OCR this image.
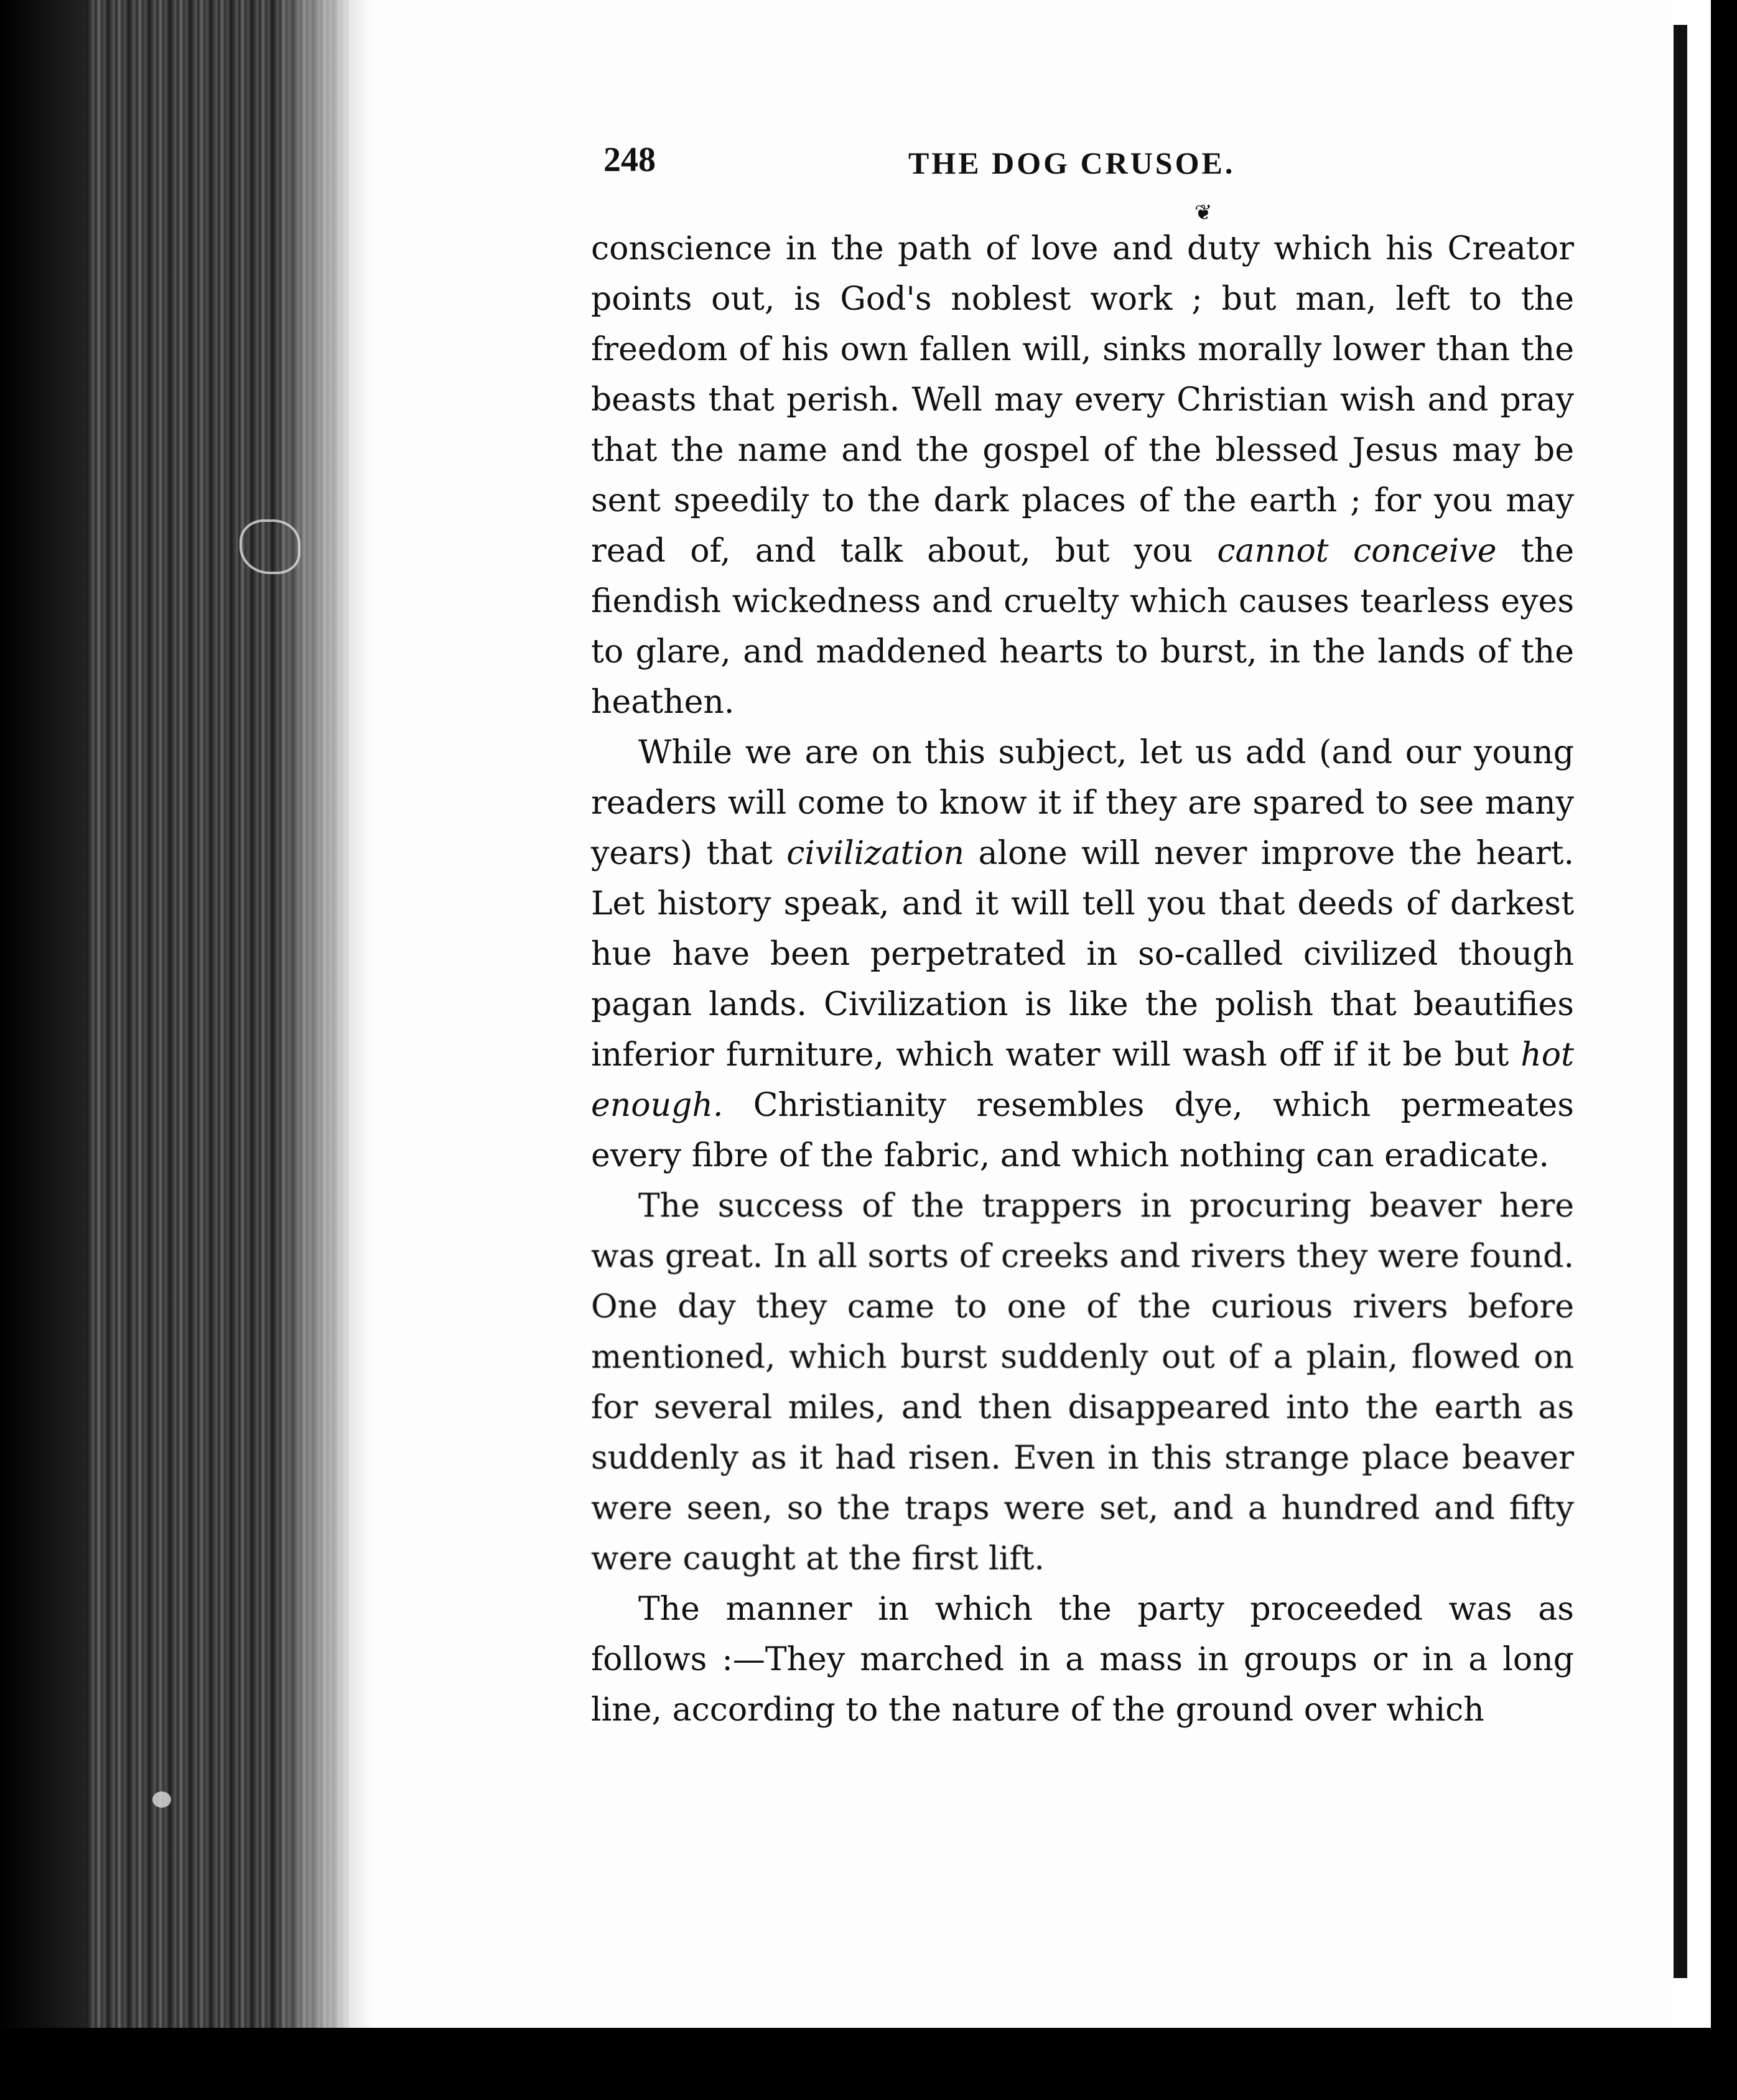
248	THE DOG CRUSOE.
❦

conscience in the path of love and duty which his Creator points out, is God's noblest work ; but man, left to the freedom of his own fallen will, sinks morally lower than the beasts that perish. Well may every Christian wish and pray that the name and the gospel of the blessed Jesus may be sent speedily to the dark places of the earth ; for you may read of, and talk about, but you cannot conceive the fiendish wickedness and cruelty which causes tearless eyes to glare, and maddened hearts to burst, in the lands of the heathen.

While we are on this subject, let us add (and our young readers will come to know it if they are spared to see many years) that civilization alone will never improve the heart. Let history speak, and it will tell you that deeds of darkest hue have been perpetrated in so-called civilized though pagan lands. Civilization is like the polish that beautifies inferior furniture, which water will wash off if it be but hot enough. Christianity resembles dye, which permeates every fibre of the fabric, and which nothing can eradicate.

The success of the trappers in procuring beaver here was great. In all sorts of creeks and rivers they were found. One day they came to one of the curious rivers before mentioned, which burst suddenly out of a plain, flowed on for several miles, and then disappeared into the earth as suddenly as it had risen. Even in this strange place beaver were seen, so the traps were set, and a hundred and fifty were caught at the first lift.

The manner in which the party proceeded was as follows :—They marched in a mass in groups or in a long line, according to the nature of the ground over which
